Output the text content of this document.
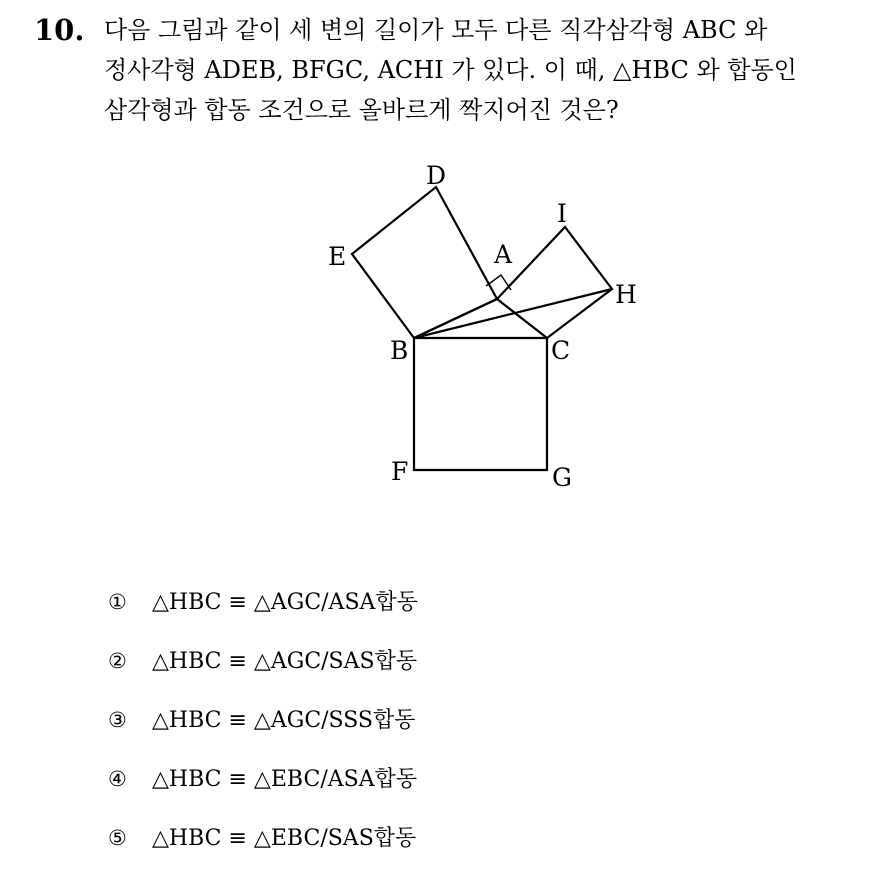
10. 다음 그림과 같이 세 변의 길이가 모두 다른 직각삼각형 ABC 와
정사각형 ADEB, BFGC, ACHI 가 있다. 이 때, △HBC 와 합동인
삼각형과 합동 조건으로 올바르게 짝지어진 것은?
D
I
E	A
H
B	C
F	G
① △HBC ≡ △AGC/ASA합동
② △HBC ≡ △AGC/SAS합동
③ △HBC ≡ △AGC/SSS합동
④ △HBC ≡ △EBC/ASA합동
⑤ △HBC ≡ △EBC/SAS합동
